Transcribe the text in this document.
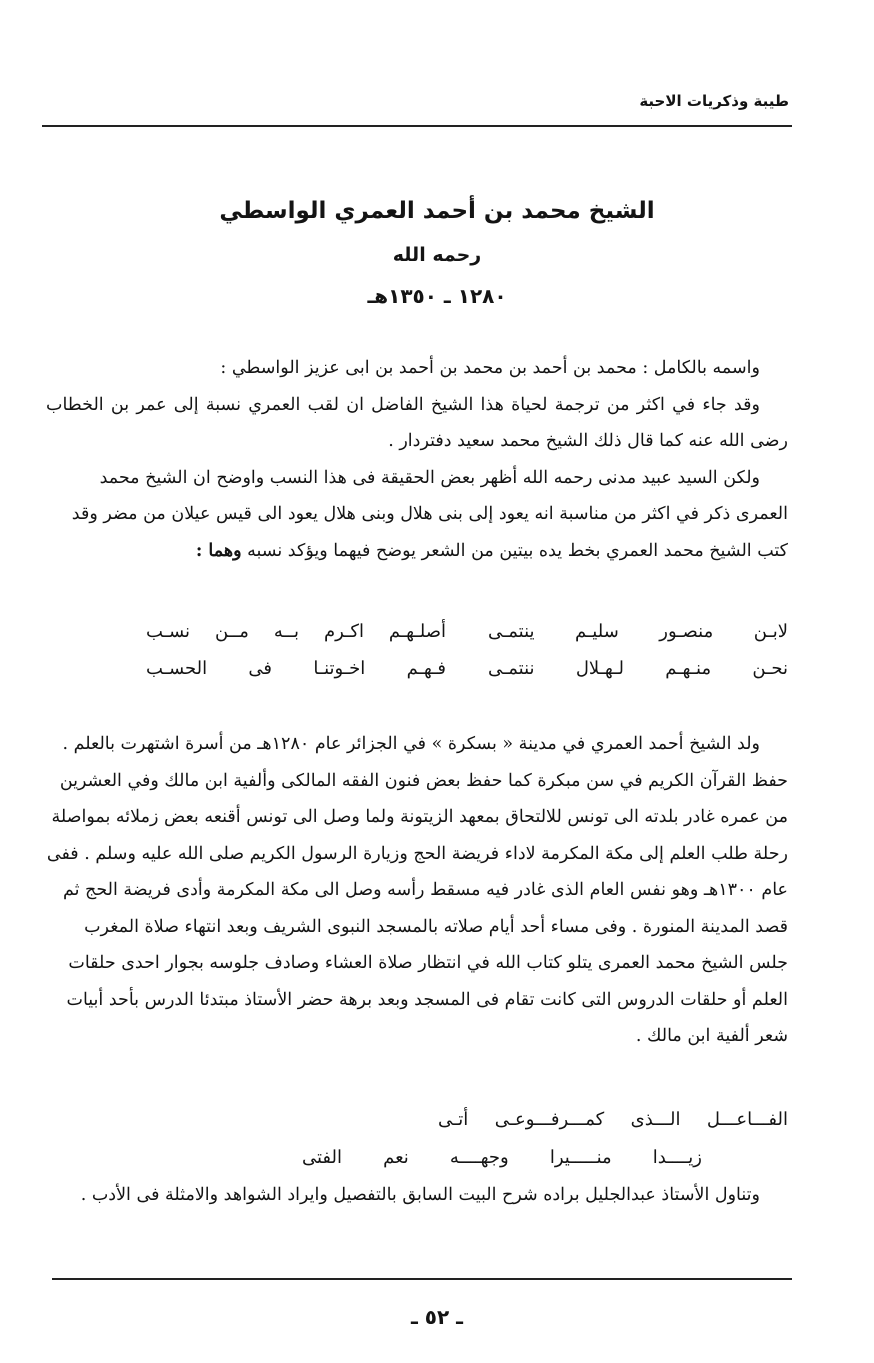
طيبة وذكريات الاحبة
الشيخ محمد بن أحمد العمري الواسطي
رحمه الله
١٢٨٠ ـ ١٣٥٠هـ

واسمه بالكامل : محمد بن أحمد بن محمد بن أحمد بن ابى عزيز الواسطي :

وقد جاء في اكثر من ترجمة لحياة هذا الشيخ الفاضل ان لقب العمري نسبة إلى عمر بن الخطاب رضى الله عنه كما قال ذلك الشيخ محمد سعيد دفتردار .

ولكن السيد عبيد مدنى رحمه الله أظهر بعض الحقيقة فى هذا النسب واوضح ان الشيخ محمد العمرى ذكر في اكثر من مناسبة انه يعود إلى بنى هلال وبنى هلال يعود الى قيس عيلان من مضر وقد كتب الشيخ محمد العمري بخط يده بيتين من الشعر يوضح فيهما ويؤكد نسبه وهما :

لابـن منصـور سليـم ينتمـى
أصلـهـم اكـرم بــه مــن نسـب
نحـن منـهـم لـهـلال ننتمـى
فـهـم اخـوتنـا فى الحسـب

ولد الشيخ أحمد العمري في مدينة « بسكرة » في الجزائر عام ١٢٨٠هـ من أسرة اشتهرت بالعلم . حفظ القرآن الكريم في سن مبكرة كما حفظ بعض فنون الفقه المالكى وألفية ابن مالك وفي العشرين من عمره غادر بلدته الى تونس للالتحاق بمعهد الزيتونة ولما وصل الى تونس أقنعه بعض زملائه بمواصلة رحلة طلب العلم إلى مكة المكرمة لاداء فريضة الحج وزيارة الرسول الكريم صلى الله عليه وسلم . ففى عام ١٣٠٠هـ وهو نفس العام الذى غادر فيه مسقط رأسه وصل الى مكة المكرمة وأدى فريضة الحج ثم قصد المدينة المنورة . وفى مساء أحد أيام صلاته بالمسجد النبوى الشريف وبعد انتهاء صلاة المغرب جلس الشيخ محمد العمرى يتلو كتاب الله في انتظار صلاة العشاء وصادف جلوسه بجوار احدى حلقات العلم أو حلقات الدروس التى كانت تقام فى المسجد وبعد برهة حضر الأستاذ مبتدئا الدرس بأحد أبيات شعر ألفية ابن مالك .

الفـــاعـــل الـــذى كمـــرفـــوعـى أتـى
زيــــدا منـــــيرا وجهــــه نعم الفتى

وتناول الأستاذ عبدالجليل براده شرح البيت السابق بالتفصيل وايراد الشواهد والامثلة فى الأدب .

ـ ٥٢ ـ
